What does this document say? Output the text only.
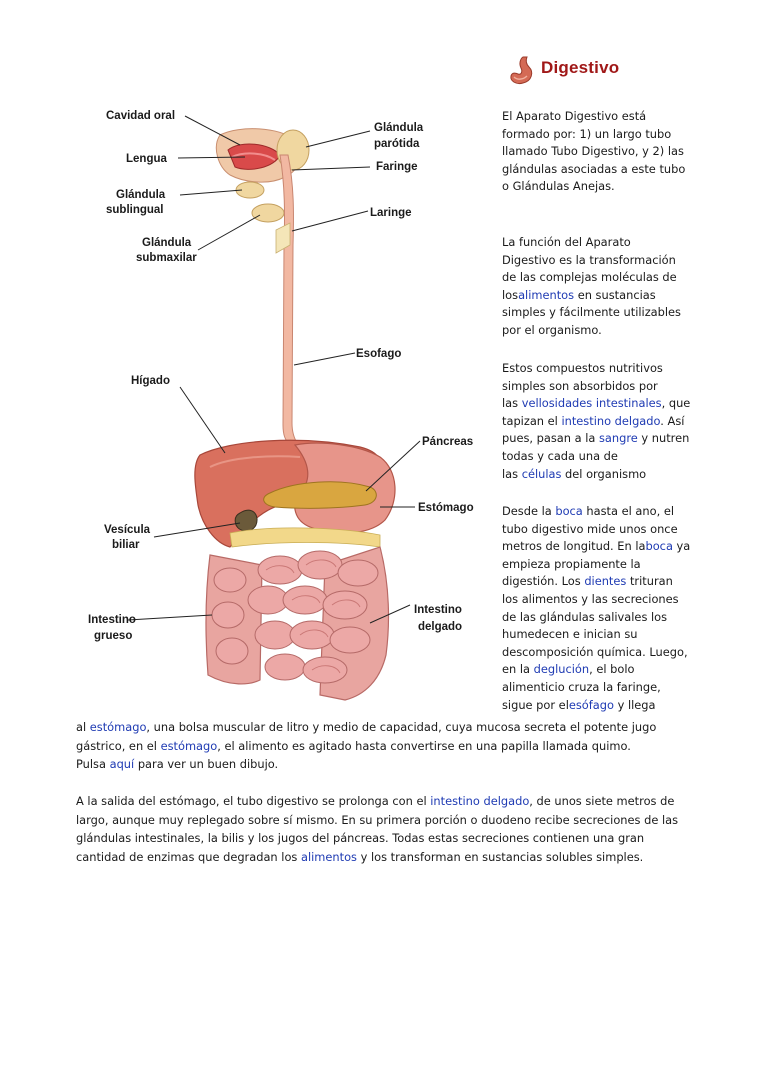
Digestivo
Cavidad oral
Lengua
Glándula
sublingual
Glándula
submaxilar
Hígado
Vesícula
biliar
Intestino
grueso
Glándula
parótida
Faringe
Laringe
Esofago
Páncreas
Estómago
Intestino
delgado

El Aparato Digestivo está

formado por: 1) un largo tubo

llamado Tubo Digestivo, y 2) las

glándulas asociadas a este tubo

o Glándulas Anejas.

La función del Aparato

Digestivo es la transformación

de las complejas moléculas de

losalimentos en sustancias

simples y fácilmente utilizables

por el organismo.

Estos compuestos nutritivos

simples son absorbidos por

las vellosidades intestinales, que

tapizan el intestino delgado. Así

pues, pasan a la sangre y nutren

todas y cada una de

las células del organismo

Desde la boca hasta el ano, el

tubo digestivo mide unos once

metros de longitud. En laboca ya

empieza propiamente la

digestión. Los dientes trituran

los alimentos y las secreciones

de las glándulas salivales los

humedecen e inician su

descomposición química. Luego,

en la deglución, el bolo

alimenticio cruza la faringe,

sigue por elesófago y llega

al estómago, una bolsa muscular de litro y medio de capacidad, cuya mucosa secreta el potente jugo

gástrico, en el estómago, el alimento es agitado hasta convertirse en una papilla llamada quimo.

Pulsa aquí para ver un buen dibujo.

A la salida del estómago, el tubo digestivo se prolonga con el intestino delgado, de unos siete metros de

largo, aunque muy replegado sobre sí mismo. En su primera porción o duodeno recibe secreciones de las

glándulas intestinales, la bilis y los jugos del páncreas. Todas estas secreciones contienen una gran

cantidad de enzimas que degradan los alimentos y los transforman en sustancias solubles simples.
